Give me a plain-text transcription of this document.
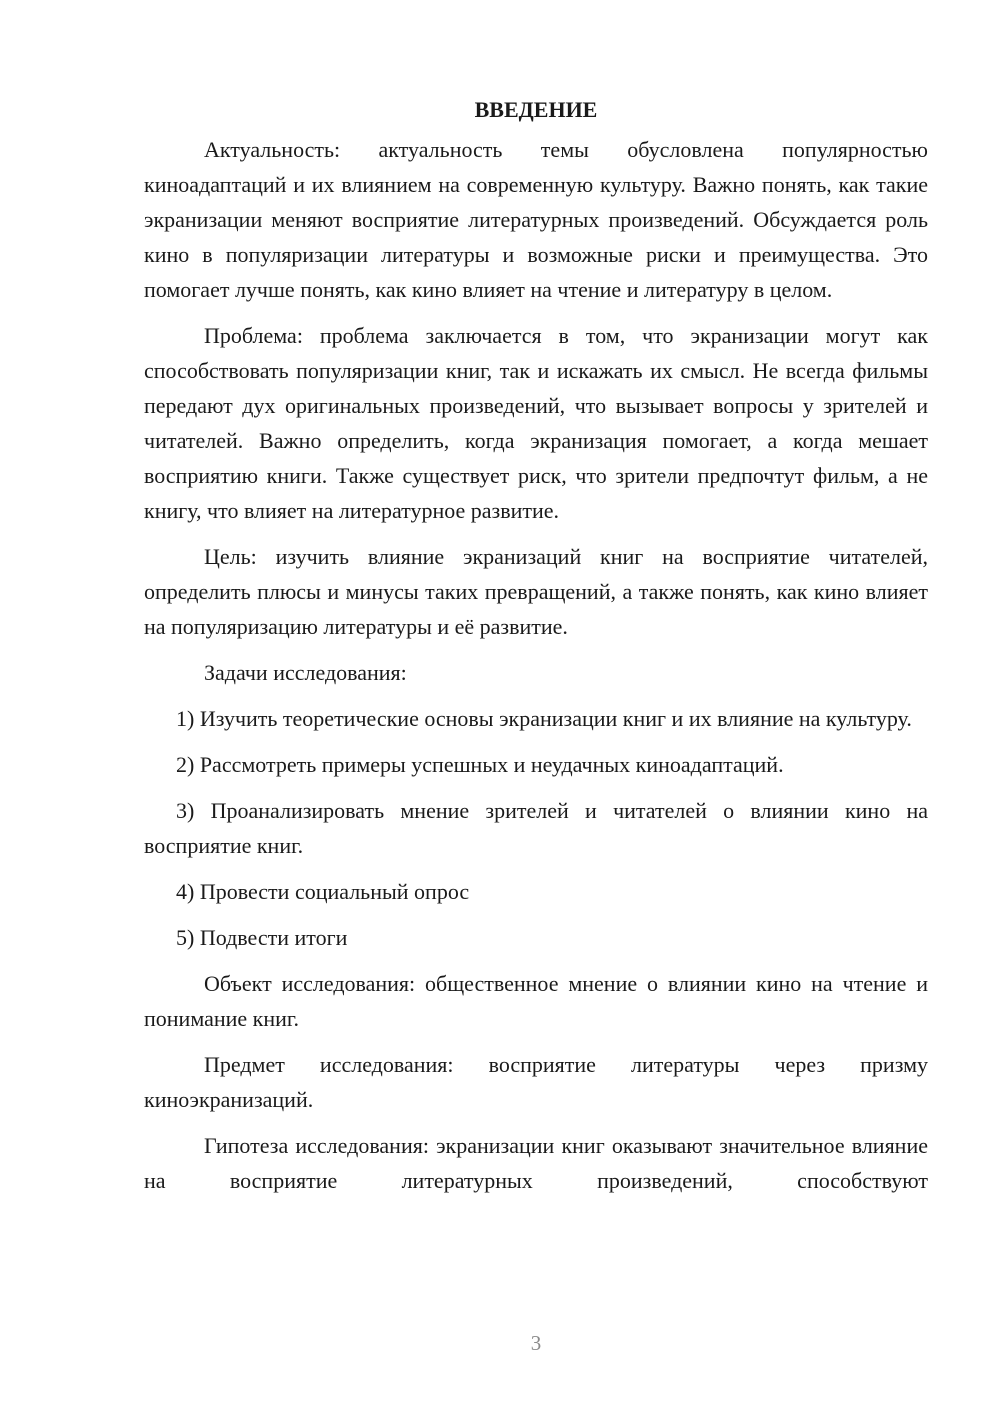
ВВЕДЕНИЕ

Актуальность: актуальность темы обусловлена популярностью киноадаптаций и их влиянием на современную культуру. Важно понять, как такие экранизации меняют восприятие литературных произведений. Обсуждается роль кино в популяризации литературы и возможные риски и преимущества. Это помогает лучше понять, как кино влияет на чтение и литературу в целом.

Проблема: проблема заключается в том, что экранизации могут как способствовать популяризации книг, так и искажать их смысл. Не всегда фильмы передают дух оригинальных произведений, что вызывает вопросы у зрителей и читателей. Важно определить, когда экранизация помогает, а когда мешает восприятию книги. Также существует риск, что зрители предпочтут фильм, а не книгу, что влияет на литературное развитие.

Цель: изучить влияние экранизаций книг на восприятие читателей, определить плюсы и минусы таких превращений, а также понять, как кино влияет на популяризацию литературы и её развитие.

Задачи исследования:

1) Изучить теоретические основы экранизации книг и их влияние на культуру.

2) Рассмотреть примеры успешных и неудачных киноадаптаций.

3) Проанализировать мнение зрителей и читателей о влиянии кино на восприятие книг.

4) Провести социальный опрос

5) Подвести итоги

Объект исследования: общественное мнение о влиянии кино на чтение и понимание книг.

Предмет исследования: восприятие литературы через призму киноэкранизаций.

Гипотеза исследования: экранизации книг оказывают значительное влияние на восприятие литературных произведений, способствуют

3
